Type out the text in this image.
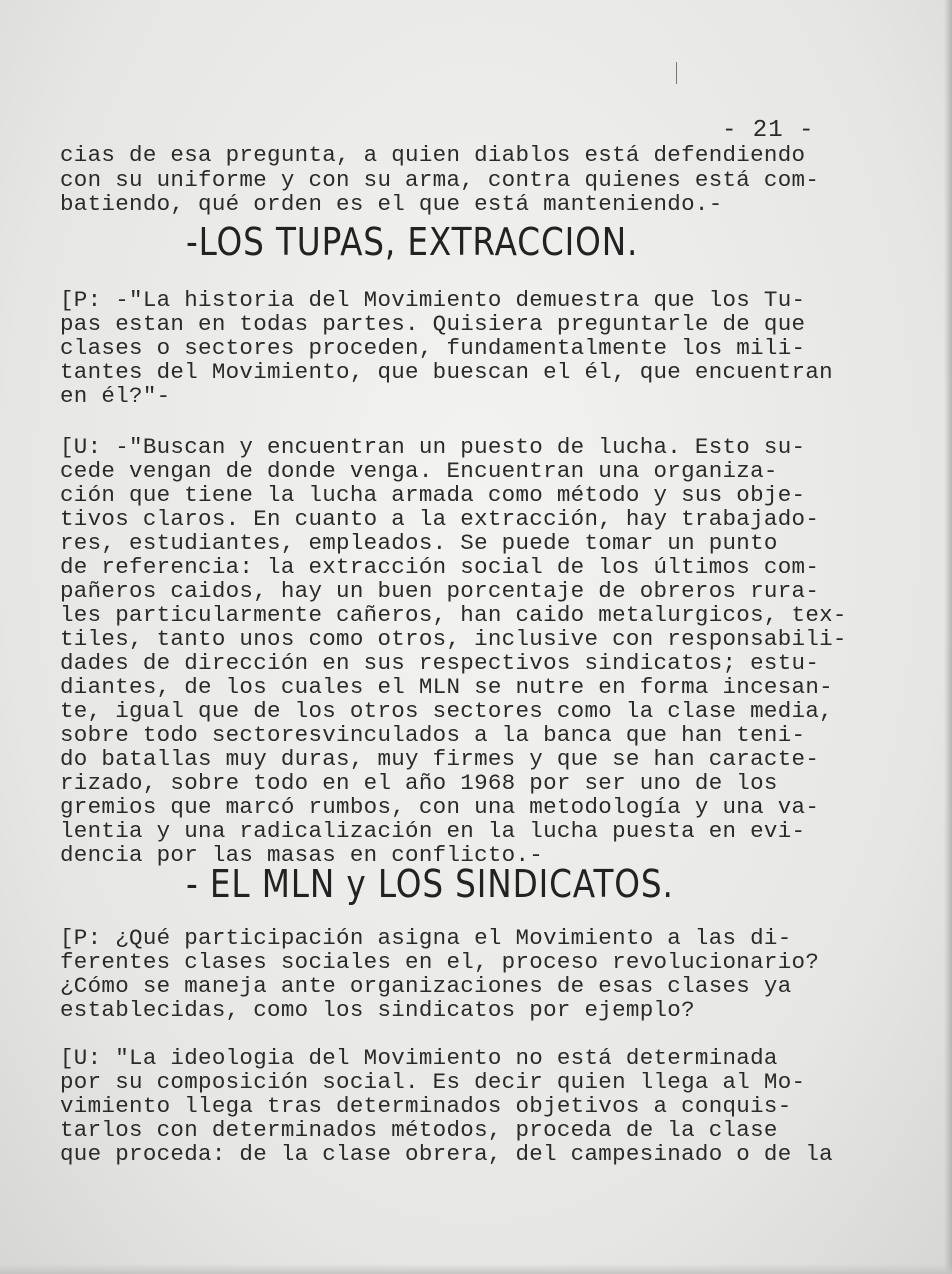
- 21 -
cias de esa pregunta, a quien diablos está defendiendo
con su uniforme y con su arma, contra quienes está com-
batiendo, qué orden es el que está manteniendo.-
-LOS TUPAS, EXTRACCION.
[P: -"La historia del Movimiento demuestra que los Tu-
pas estan en todas partes. Quisiera preguntarle de que
clases o sectores proceden, fundamentalmente los mili-
tantes del Movimiento, que buescan el él, que encuentran
en él?"-
[U: -"Buscan y encuentran un puesto de lucha. Esto su-
cede vengan de donde venga. Encuentran una organiza-
ción que tiene la lucha armada como método y sus obje-
tivos claros. En cuanto a la extracción, hay trabajado-
res, estudiantes, empleados. Se puede tomar un punto
de referencia: la extracción social de los últimos com-
pañeros caidos, hay un buen porcentaje de obreros rura-
les particularmente cañeros, han caido metalurgicos, tex-
tiles, tanto unos como otros, inclusive con responsabili-
dades de dirección en sus respectivos sindicatos; estu-
diantes, de los cuales el MLN se nutre en forma incesan-
te, igual que de los otros sectores como la clase media,
sobre todo sectoresvinculados a la banca que han teni-
do batallas muy duras, muy firmes y que se han caracte-
rizado, sobre todo en el año 1968 por ser uno de los
gremios que marcó rumbos, con una metodología y una va-
lentia y una radicalización en la lucha puesta en evi-
dencia por las masas en conflicto.-
- EL MLN y LOS SINDICATOS.
[P: ¿Qué participación asigna el Movimiento a las di-
ferentes clases sociales en el, proceso revolucionario?
¿Cómo se maneja ante organizaciones de esas clases ya
establecidas, como los sindicatos por ejemplo?
[U: "La ideologia del Movimiento no está determinada
por su composición social. Es decir quien llega al Mo-
vimiento llega tras determinados objetivos a conquis-
tarlos con determinados métodos, proceda de la clase
que proceda: de la clase obrera, del campesinado o de la
